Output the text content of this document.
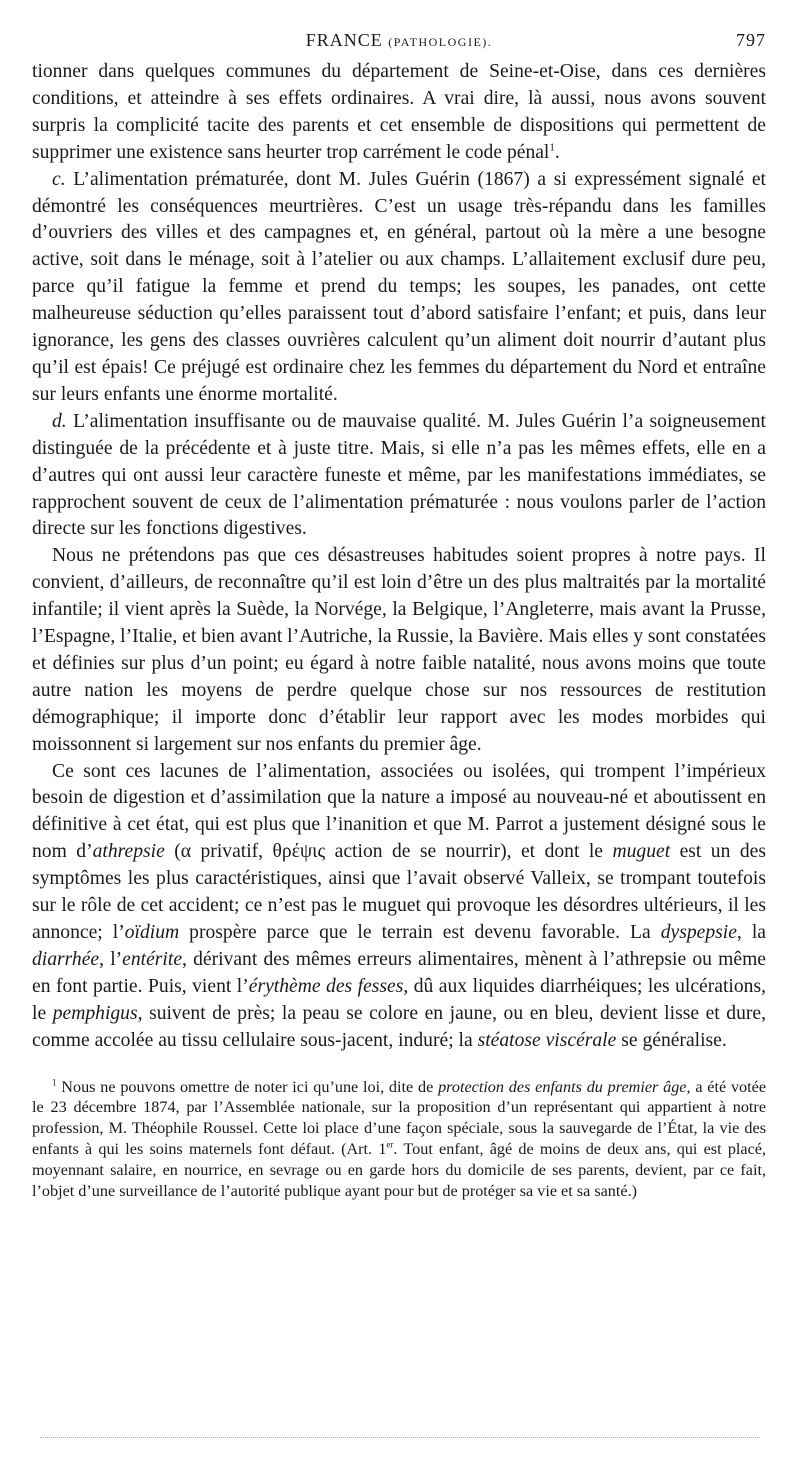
FRANCE (PATHOLOGIE).	797

tionner dans quelques communes du département de Seine-et-Oise, dans ces dernières conditions, et atteindre à ses effets ordinaires. A vrai dire, là aussi, nous avons souvent surpris la complicité tacite des parents et cet ensemble de dispositions qui permettent de supprimer une existence sans heurter trop carrément le code pénal$^1$.

c. L’alimentation prématurée, dont M. Jules Guérin (1867) a si expressément signalé et démontré les conséquences meurtrières. C’est un usage très-répandu dans les familles d’ouvriers des villes et des campagnes et, en général, partout où la mère a une besogne active, soit dans le ménage, soit à l’atelier ou aux champs. L’allaitement exclusif dure peu, parce qu’il fatigue la femme et prend du temps; les soupes, les panades, ont cette malheureuse séduction qu’elles paraissent tout d’abord satisfaire l’enfant; et puis, dans leur ignorance, les gens des classes ouvrières calculent qu’un aliment doit nourrir d’autant plus qu’il est épais! Ce préjugé est ordinaire chez les femmes du département du Nord et entraîne sur leurs enfants une énorme mortalité.

d. L’alimentation insuffisante ou de mauvaise qualité. M. Jules Guérin l’a soigneusement distinguée de la précédente et à juste titre. Mais, si elle n’a pas les mêmes effets, elle en a d’autres qui ont aussi leur caractère funeste et même, par les manifestations immédiates, se rapprochent souvent de ceux de l’alimentation prématurée : nous voulons parler de l’action directe sur les fonctions digestives.

Nous ne prétendons pas que ces désastreuses habitudes soient propres à notre pays. Il convient, d’ailleurs, de reconnaître qu’il est loin d’être un des plus maltraités par la mortalité infantile; il vient après la Suède, la Norvége, la Belgique, l’Angleterre, mais avant la Prusse, l’Espagne, l’Italie, et bien avant l’Autriche, la Russie, la Bavière. Mais elles y sont constatées et définies sur plus d’un point; eu égard à notre faible natalité, nous avons moins que toute autre nation les moyens de perdre quelque chose sur nos ressources de restitution démographique; il importe donc d’établir leur rapport avec les modes morbides qui moissonnent si largement sur nos enfants du premier âge.

Ce sont ces lacunes de l’alimentation, associées ou isolées, qui trompent l’impérieux besoin de digestion et d’assimilation que la nature a imposé au nouveau-né et aboutissent en définitive à cet état, qui est plus que l’inanition et que M. Parrot a justement désigné sous le nom d’athrepsie (α privatif, θρέψις action de se nourrir), et dont le muguet est un des symptômes les plus caractéristiques, ainsi que l’avait observé Valleix, se trompant toutefois sur le rôle de cet accident; ce n’est pas le muguet qui provoque les désordres ultérieurs, il les annonce; l’oïdium prospère parce que le terrain est devenu favorable. La dyspepsie, la diarrhée, l’entérite, dérivant des mêmes erreurs alimentaires, mènent à l’athrepsie ou même en font partie. Puis, vient l’érythème des fesses, dû aux liquides diarrhéiques; les ulcérations, le pemphigus, suivent de près; la peau se colore en jaune, ou en bleu, devient lisse et dure, comme accolée au tissu cellulaire sous-jacent, induré; la stéatose viscérale se généralise.

$^1$ Nous ne pouvons omettre de noter ici qu’une loi, dite de protection des enfants du premier âge, a été votée le 23 décembre 1874, par l’Assemblée nationale, sur la proposition d’un représentant qui appartient à notre profession, M. Théophile Roussel. Cette loi place d’une façon spéciale, sous la sauvegarde de l’État, la vie des enfants à qui les soins maternels font défaut. (Art. 1er. Tout enfant, âgé de moins de deux ans, qui est placé, moyennant salaire, en nourrice, en sevrage ou en garde hors du domicile de ses parents, devient, par ce fait, l’objet d’une surveillance de l’autorité publique ayant pour but de protéger sa vie et sa santé.)
